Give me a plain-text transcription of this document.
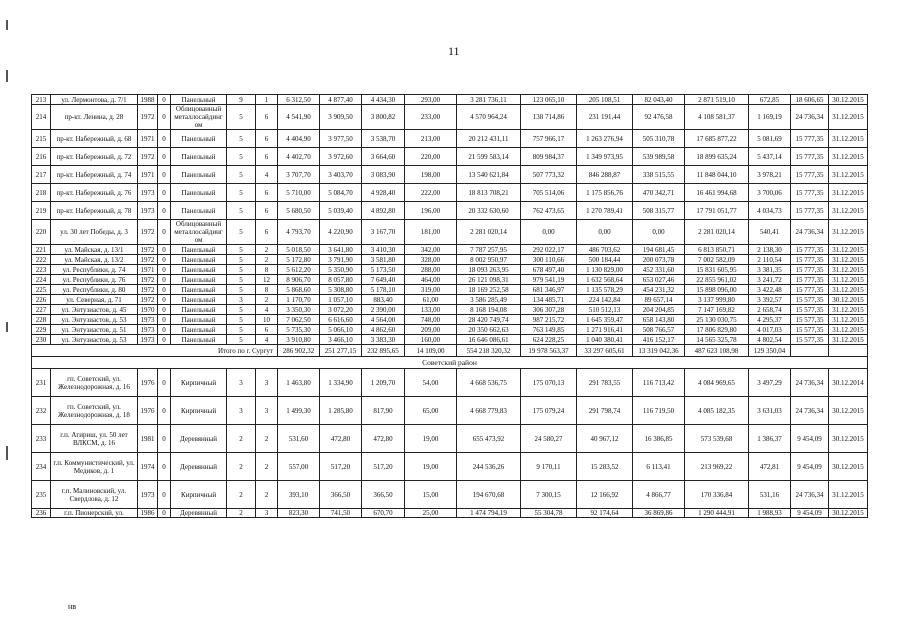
11
213	ул. Лермонтова, д. 7/1	1988	0	Панельный	9	1	6 312,50	4 877,40	4 434,30	293,00	3 281 736,11	123 065,10	205 108,51	82 043,40	2 871 519,10	672,85	18 606,65	30.12.2015
214	пр-кт. Ленина, д. 28	1972	0	Облицованный металлосайдинг ом	5	6	4 541,90	3 909,50	3 800,82	233,00	4 570 964,24	138 714,86	231 191,44	92 476,58	4 108 581,37	1 169,19	24 736,34	31.12.2015
215	пр-кт. Набережный, д. 68	1971	0	Панельный	5	6	4 404,90	3 977,50	3 538,70	213,00	20 212 431,11	757 966,17	1 263 276,94	505 310,78	17 685 877,22	5 081,69	15 777,35	31.12.2015
216	пр-кт. Набережный, д. 72	1972	0	Панельный	5	6	4 402,70	3 972,60	3 664,60	220,00	21 599 583,14	809 984,37	1 349 973,95	539 989,58	18 899 635,24	5 437,14	15 777,35	31.12.2015
217	пр-кт. Набережный, д. 74	1971	0	Панельный	5	4	3 707,70	3 403,70	3 083,90	198,00	13 540 621,84	507 773,32	846 288,87	338 515,55	11 848 044,10	3 978,21	15 777,35	31.12.2015
218	пр-кт. Набережный, д. 76	1973	0	Панельный	5	6	5 710,00	5 084,70	4 928,40	222,00	18 813 708,21	705 514,06	1 175 856,76	470 342,71	16 461 994,68	3 700,06	15 777,35	31.12.2015
219	пр-кт. Набережный, д. 78	1973	0	Панельный	5	6	5 680,50	5 039,40	4 892,80	196,00	20 332 630,60	762 473,65	1 270 789,41	508 315,77	17 791 051,77	4 034,73	15 777,35	31.12.2015
220	ул. 30 лет Победы, д. 3	1972	0	Облицованный металлосайдинг ом	5	6	4 793,70	4 220,90	3 167,70	181,00	2 281 020,14	0,00	0,00	0,00	2 281 020,14	540,41	24 736,34	31.12.2015
221	ул. Майская, д. 13/1	1972	0	Панельный	5	2	5 018,50	3 641,80	3 410,30	342,00	7 787 257,95	292 022,17	486 703,62	194 681,45	6 813 850,71	2 138,30	15 777,35	31.12.2015
222	ул. Майская, д. 13/2	1972	0	Панельный	5	2	5 172,80	3 791,90	3 581,80	328,00	8 002 950,97	300 110,66	500 184,44	200 073,78	7 002 582,09	2 110,54	15 777,35	31.12.2015
223	ул. Республики, д. 74	1971	0	Панельный	5	8	5 612,20	5 350,90	5 173,50	288,00	18 093 263,95	678 497,40	1 130 829,00	452 331,60	15 831 605,95	3 381,35	15 777,35	31.12.2015
224	ул. Республики, д. 76	1972	0	Панельный	5	12	8 906,70	8 057,80	7 649,40	464,00	26 121 098,31	979 541,19	1 632 568,64	653 027,46	22 855 961,02	3 241,72	15 777,35	31.12.2015
225	ул. Республики, д. 80	1972	0	Панельный	5	8	5 868,60	5 308,80	5 178,10	319,00	18 169 252,58	681 346,97	1 135 578,29	454 231,32	15 898 096,00	3 422,48	15 777,35	31.12.2015
226	ул. Северная, д. 71	1972	0	Панельный	3	2	1 170,70	1 057,10	883,40	61,00	3 586 285,49	134 485,71	224 142,84	89 657,14	3 137 999,80	3 392,57	15 577,35	30.12.2015
227	ул. Энтузиастов, д. 45	1970	0	Панельный	5	4	3 350,30	3 072,20	2 390,00	133,00	8 168 194,08	306 307,28	510 512,13	204 204,85	7 147 169,82	2 658,74	15 577,35	31.12.2015
228	ул. Энтузиастов, д. 53	1973	0	Панельный	5	10	7 062,50	6 616,60	4 564,00	748,00	28 420 749,74	987 215,72	1 645 359,47	658 143,80	25 130 030,75	4 295,37	15 577,35	31.12.2015
229	ул. Энтузиастов, д. 51	1973	0	Панельный	5	6	5 735,30	5 066,10	4 862,60	209,00	20 350 662,63	763 149,85	1 271 916,41	508 766,57	17 806 829,80	4 017,03	15 577,35	31.12.2015
230	ул. Энтузиастов, д. 53	1973	0	Панельный	5	4	3 910,80	3 466,10	3 383,30	160,00	16 646 086,61	624 228,25	1 040 380,41	416 152,17	14 565 325,78	4 802,54	15 577,35	31.12.2015
Итого по г. Сургут							286 902,32	251 277,15	232 895,65	14 109,00	554 218 320,32	19 978 563,37	33 297 605,61	13 319 042,36	487 623 108,98	129 350,04		
Советский район																		
231	гп. Советский, ул. Железнодорожная, д. 16	1976	0	Кирпичный	3	3	1 463,80	1 334,90	1 209,70	54,00	4 668 536,75	175 070,13	291 783,55	116 713,42	4 084 969,65	3 497,29	24 736,34	30.12.2014
232	гп. Советский, ул. Железнодорожная, д. 18	1976	0	Кирпичный	3	3	1 499,30	1 285,80	817,90	65,00	4 668 779,83	175 079,24	291 798,74	116 719,50	4 085 182,35	3 631,03	24 736,34	30.12.2015
233	г.п. Агириш, ул. 50 лет ВЛКСМ, д. 16	1981	0	Деревянный	2	2	531,60	472,80	472,80	19,00	655 473,92	24 580,27	40 967,12	16 386,85	573 539,68	1 386,37	9 454,09	30.12.2015
234	г.п. Коммунистический, ул. Медиков, д. 1	1974	0	Деревянный	2	2	557,00	517,20	517,20	19,00	244 536,26	9 170,11	15 283,52	6 113,41	213 969,22	472,81	9 454,09	30.12.2015
235	г.п. Малиновский, ул. Свердлова, д. 12	1973	0	Кирпичный	2	2	393,10	366,50	366,50	15,00	194 670,68	7 300,15	12 166,92	4 866,77	170 336,84	531,16	24 736,34	31.12.2015
236	г.п. Пионерский, ул.	1986	0	Деревянный	2	3	823,30	741,50	670,70	25,00	1 474 794,19	55 304,78	92 174,64	36 869,86	1 290 444,91	1 988,93	9 454,09	30.12.2015
нв
